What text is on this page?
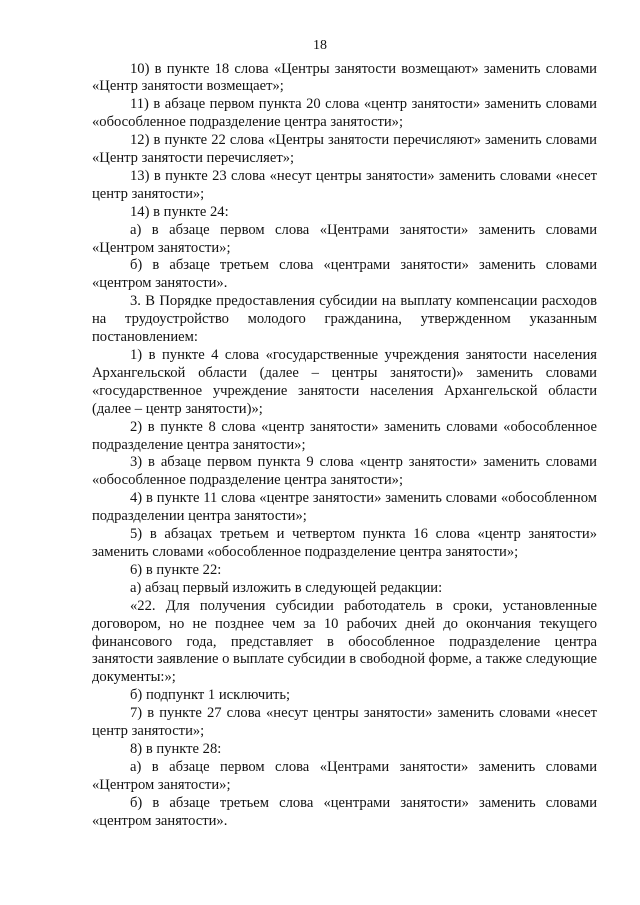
18

10) в пункте 18 слова «Центры занятости возмещают» заменить словами «Центр занятости возмещает»;

11) в абзаце первом пункта 20 слова «центр занятости» заменить словами «обособленное подразделение центра занятости»;

12) в пункте 22 слова «Центры занятости перечисляют» заменить словами «Центр занятости перечисляет»;

13) в пункте 23 слова «несут центры занятости» заменить словами «несет центр занятости»;

14) в пункте 24:

а) в абзаце первом слова «Центрами занятости» заменить словами «Центром занятости»;

б) в абзаце третьем слова «центрами занятости» заменить словами «центром занятости».

3. В Порядке предоставления субсидии на выплату компенсации расходов на трудоустройство молодого гражданина, утвержденном указанным постановлением:

1) в пункте 4 слова «государственные учреждения занятости населения Архангельской области (далее – центры занятости)» заменить словами «государственное учреждение занятости населения Архангельской области (далее – центр занятости)»;

2) в пункте 8 слова «центр занятости» заменить словами «обособленное подразделение центра занятости»;

3) в абзаце первом пункта 9 слова «центр занятости» заменить словами «обособленное подразделение центра занятости»;

4) в пункте 11 слова «центре занятости» заменить словами «обособленном подразделении центра занятости»;

5) в абзацах третьем и четвертом пункта 16 слова «центр занятости» заменить словами «обособленное подразделение центра занятости»;

6) в пункте 22:

а) абзац первый изложить в следующей редакции:

«22. Для получения субсидии работодатель в сроки, установленные договором, но не позднее чем за 10 рабочих дней до окончания текущего финансового года, представляет в обособленное подразделение центра занятости заявление о выплате субсидии в свободной форме, а также следующие документы:»;

б) подпункт 1 исключить;

7) в пункте 27 слова «несут центры занятости» заменить словами «несет центр занятости»;

8) в пункте 28:

а) в абзаце первом слова «Центрами занятости» заменить словами «Центром занятости»;

б) в абзаце третьем слова «центрами занятости» заменить словами «центром занятости».
